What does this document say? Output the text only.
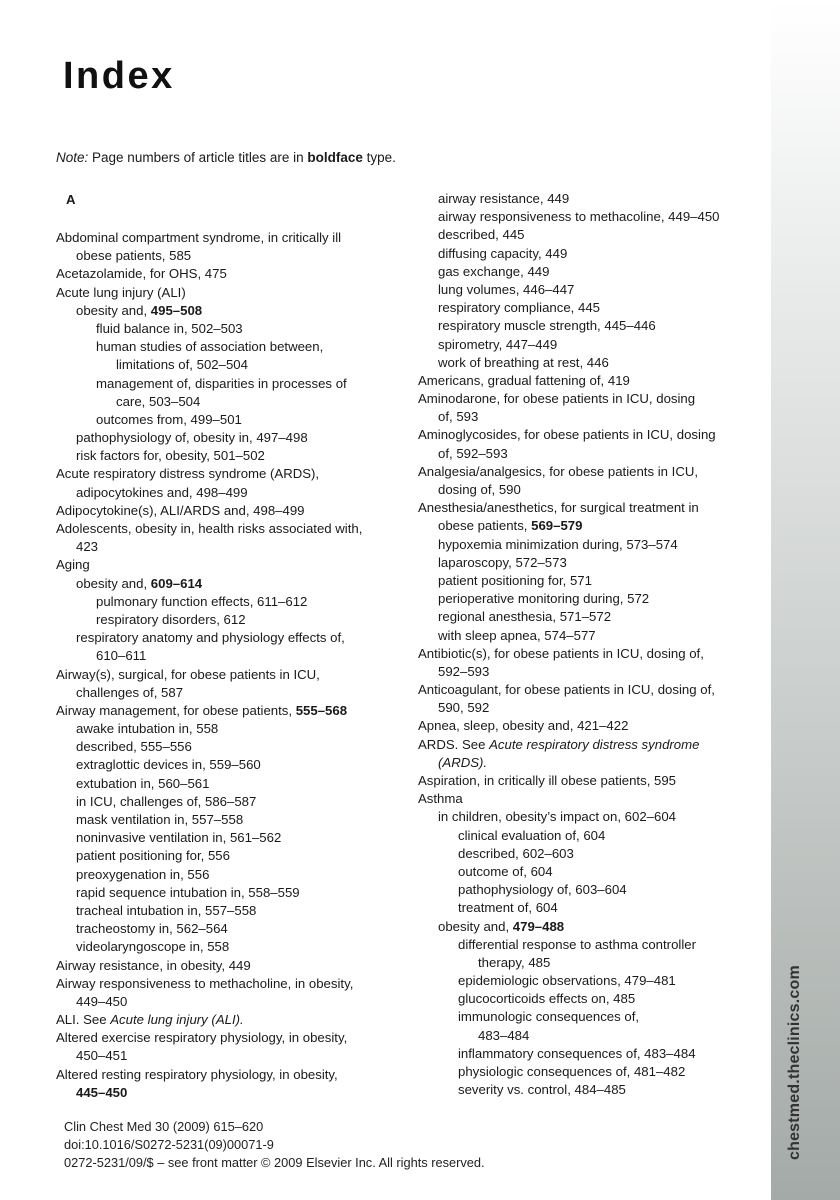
chestmed.theclinics.com
Index
Note: Page numbers of article titles are in boldface type.
A
Abdominal compartment syndrome, in critically ill
obese patients, 585
Acetazolamide, for OHS, 475
Acute lung injury (ALI)
obesity and, 495–508
fluid balance in, 502–503
human studies of association between,
limitations of, 502–504
management of, disparities in processes of
care, 503–504
outcomes from, 499–501
pathophysiology of, obesity in, 497–498
risk factors for, obesity, 501–502
Acute respiratory distress syndrome (ARDS),
adipocytokines and, 498–499
Adipocytokine(s), ALI/ARDS and, 498–499
Adolescents, obesity in, health risks associated with,
423
Aging
obesity and, 609–614
pulmonary function effects, 611–612
respiratory disorders, 612
respiratory anatomy and physiology effects of,
610–611
Airway(s), surgical, for obese patients in ICU,
challenges of, 587
Airway management, for obese patients, 555–568
awake intubation in, 558
described, 555–556
extraglottic devices in, 559–560
extubation in, 560–561
in ICU, challenges of, 586–587
mask ventilation in, 557–558
noninvasive ventilation in, 561–562
patient positioning for, 556
preoxygenation in, 556
rapid sequence intubation in, 558–559
tracheal intubation in, 557–558
tracheostomy in, 562–564
videolaryngoscope in, 558
Airway resistance, in obesity, 449
Airway responsiveness to methacholine, in obesity,
449–450
ALI. See Acute lung injury (ALI).
Altered exercise respiratory physiology, in obesity,
450–451
Altered resting respiratory physiology, in obesity,
445–450
airway resistance, 449
airway responsiveness to methacoline, 449–450
described, 445
diffusing capacity, 449
gas exchange, 449
lung volumes, 446–447
respiratory compliance, 445
respiratory muscle strength, 445–446
spirometry, 447–449
work of breathing at rest, 446
Americans, gradual fattening of, 419
Aminodarone, for obese patients in ICU, dosing
of, 593
Aminoglycosides, for obese patients in ICU, dosing
of, 592–593
Analgesia/analgesics, for obese patients in ICU,
dosing of, 590
Anesthesia/anesthetics, for surgical treatment in
obese patients, 569–579
hypoxemia minimization during, 573–574
laparoscopy, 572–573
patient positioning for, 571
perioperative monitoring during, 572
regional anesthesia, 571–572
with sleep apnea, 574–577
Antibiotic(s), for obese patients in ICU, dosing of,
592–593
Anticoagulant, for obese patients in ICU, dosing of,
590, 592
Apnea, sleep, obesity and, 421–422
ARDS. See Acute respiratory distress syndrome
(ARDS).
Aspiration, in critically ill obese patients, 595
Asthma
in children, obesity’s impact on, 602–604
clinical evaluation of, 604
described, 602–603
outcome of, 604
pathophysiology of, 603–604
treatment of, 604
obesity and, 479–488
differential response to asthma controller
therapy, 485
epidemiologic observations, 479–481
glucocorticoids effects on, 485
immunologic consequences of,
483–484
inflammatory consequences of, 483–484
physiologic consequences of, 481–482
severity vs. control, 484–485
Clin Chest Med 30 (2009) 615–620
doi:10.1016/S0272-5231(09)00071-9
0272-5231/09/$ – see front matter © 2009 Elsevier Inc. All rights reserved.
